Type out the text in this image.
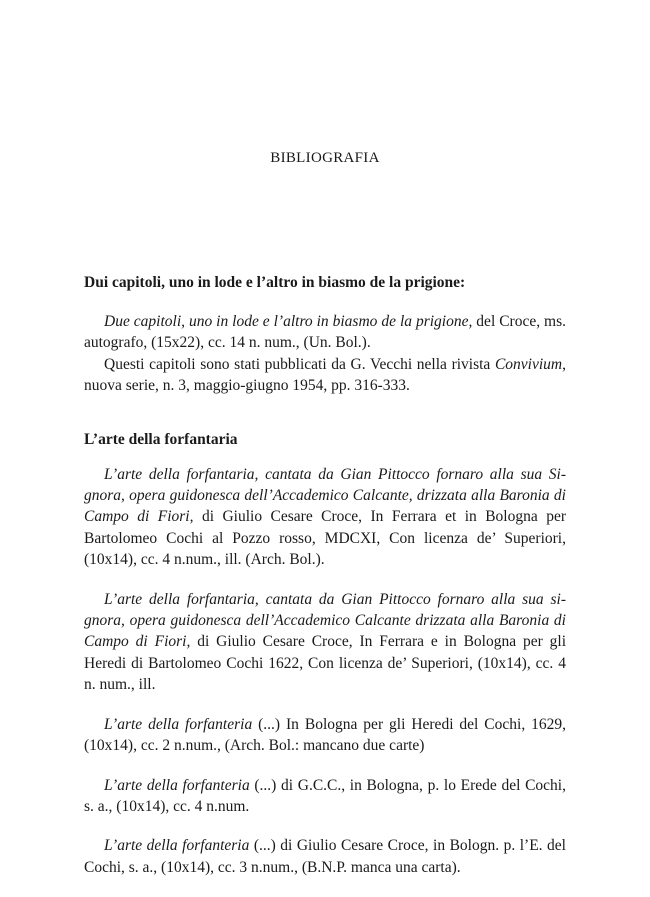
BIBLIOGRAFIA
Dui capitoli, uno in lode e l’altro in biasmo de la prigione:

Due capitoli, uno in lode e l’altro in biasmo de la prigione, del Croce, ms. autografo, (15x22), cc. 14 n. num., (Un. Bol.).

Questi capitoli sono stati pubblicati da G. Vecchi nella rivista Convivium, nuova serie, n. 3, maggio-giugno 1954, pp. 316-333.

L’arte della forfantaria

L’arte della forfantaria, cantata da Gian Pittocco fornaro alla sua Signora, opera guidonesca dell’Accademico Calcante, drizzata alla Baronia di Campo di Fiori, di Giulio Cesare Croce, In Ferrara et in Bologna per Bartolomeo Cochi al Pozzo rosso, MDCXI, Con licenza de’ Superiori, (10x14), cc. 4 n.num., ill. (Arch. Bol.).

L’arte della forfantaria, cantata da Gian Pittocco fornaro alla sua signora, opera guidonesca dell’Accademico Calcante drizzata alla Baronia di Campo di Fiori, di Giulio Cesare Croce, In Ferrara e in Bologna per gli Heredi di Bartolomeo Cochi 1622, Con licenza de’ Superiori, (10x14), cc. 4 n. num., ill.

L’arte della forfanteria (...) In Bologna per gli Heredi del Cochi, 1629, (10x14), cc. 2 n.num., (Arch. Bol.: mancano due carte)

L’arte della forfanteria (...) di G.C.C., in Bologna, p. lo Erede del Cochi, s. a., (10x14), cc. 4 n.num.

L’arte della forfanteria (...) di Giulio Cesare Croce, in Bologn. p. l’E. del Cochi, s. a., (10x14), cc. 3 n.num., (B.N.P. manca una carta).
